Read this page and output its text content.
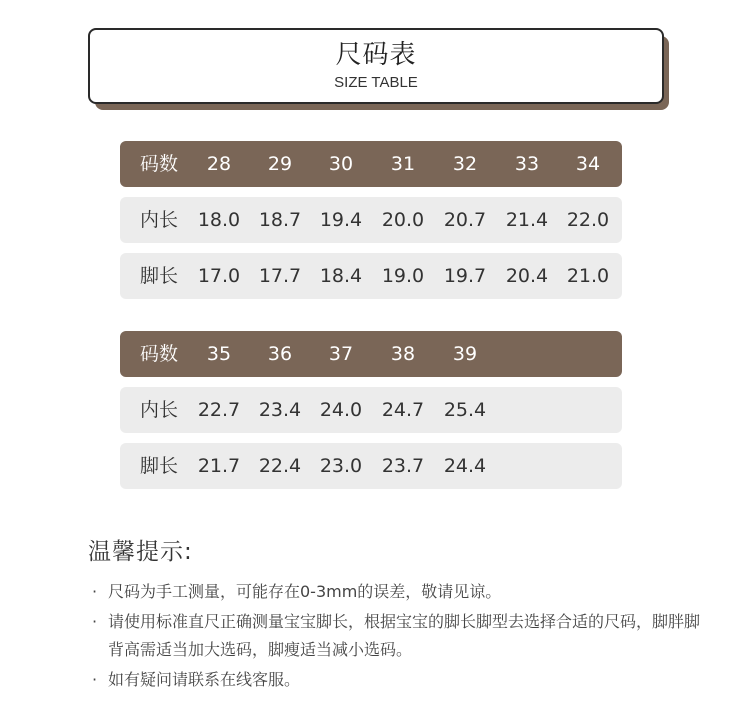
尺码表
SIZE TABLE
码数	28	29	30	31	32	33	34
内长	18.0 18.7 19.4	20.0	20.7	21.4 22.0
脚长	17.0 17.7 18.4	19.0	19.7	20.4 21.0
码数	35	36	37	38	39
内长	22.7 23.4 24.0	24.7	25.4
脚长	21.7 22.4 23.0	23.7	24.4
温馨提示:
· 尺码为手工测量，可能存在0-3mm的误差，敬请见谅。
· 请使用标准直尺正确测量宝宝脚长，根据宝宝的脚长脚型去选择合适的尺码，脚胖脚背高需适当加大选码，脚瘦适当减小选码。
· 如有疑问请联系在线客服。
